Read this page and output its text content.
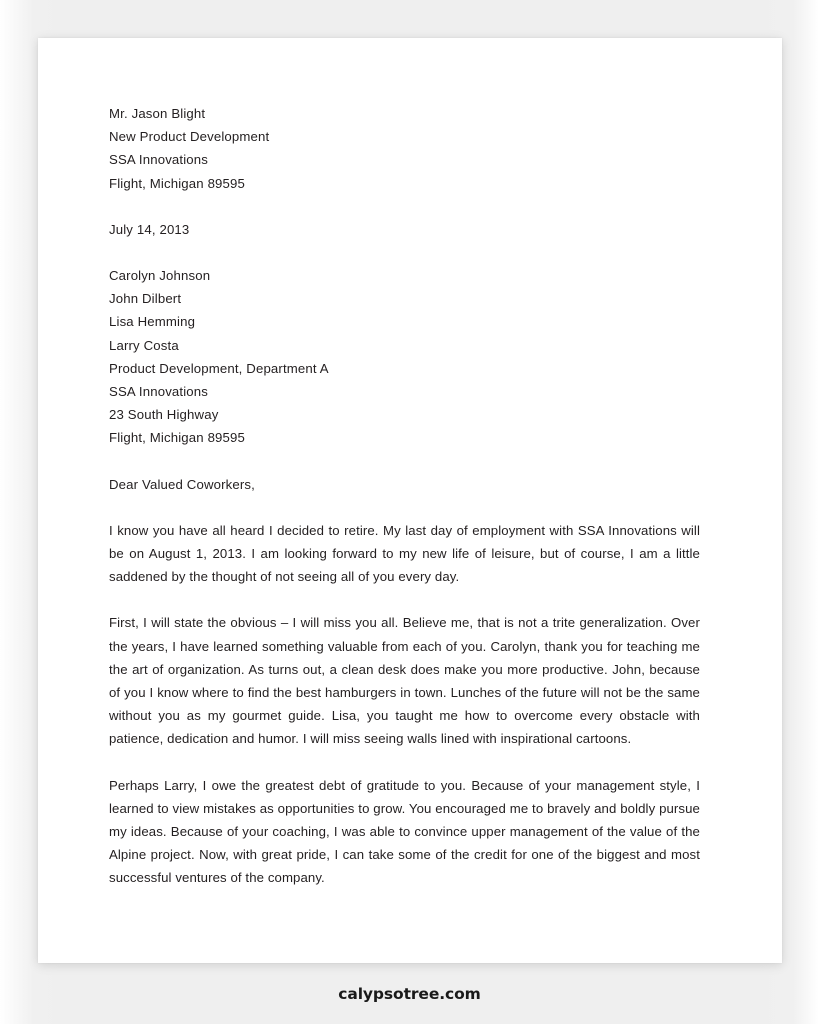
Mr. Jason Blight
New Product Development
SSA Innovations
Flight, Michigan 89595
July 14, 2013
Carolyn Johnson
John Dilbert
Lisa Hemming
Larry Costa
Product Development, Department A
SSA Innovations
23 South Highway
Flight, Michigan 89595
Dear Valued Coworkers,

I know you have all heard I decided to retire. My last day of employment with SSA Innovations will be on August 1, 2013. I am looking forward to my new life of leisure, but of course, I am a little saddened by the thought of not seeing all of you every day.

First, I will state the obvious – I will miss you all. Believe me, that is not a trite generalization. Over the years, I have learned something valuable from each of you. Carolyn, thank you for teaching me the art of organization. As turns out, a clean desk does make you more productive. John, because of you I know where to find the best hamburgers in town. Lunches of the future will not be the same without you as my gourmet guide. Lisa, you taught me how to overcome every obstacle with patience, dedication and humor. I will miss seeing walls lined with inspirational cartoons.

Perhaps Larry, I owe the greatest debt of gratitude to you. Because of your management style, I learned to view mistakes as opportunities to grow. You encouraged me to bravely and boldly pursue my ideas. Because of your coaching, I was able to convince upper management of the value of the Alpine project. Now, with great pride, I can take some of the credit for one of the biggest and most successful ventures of the company.

calypsotree.com
